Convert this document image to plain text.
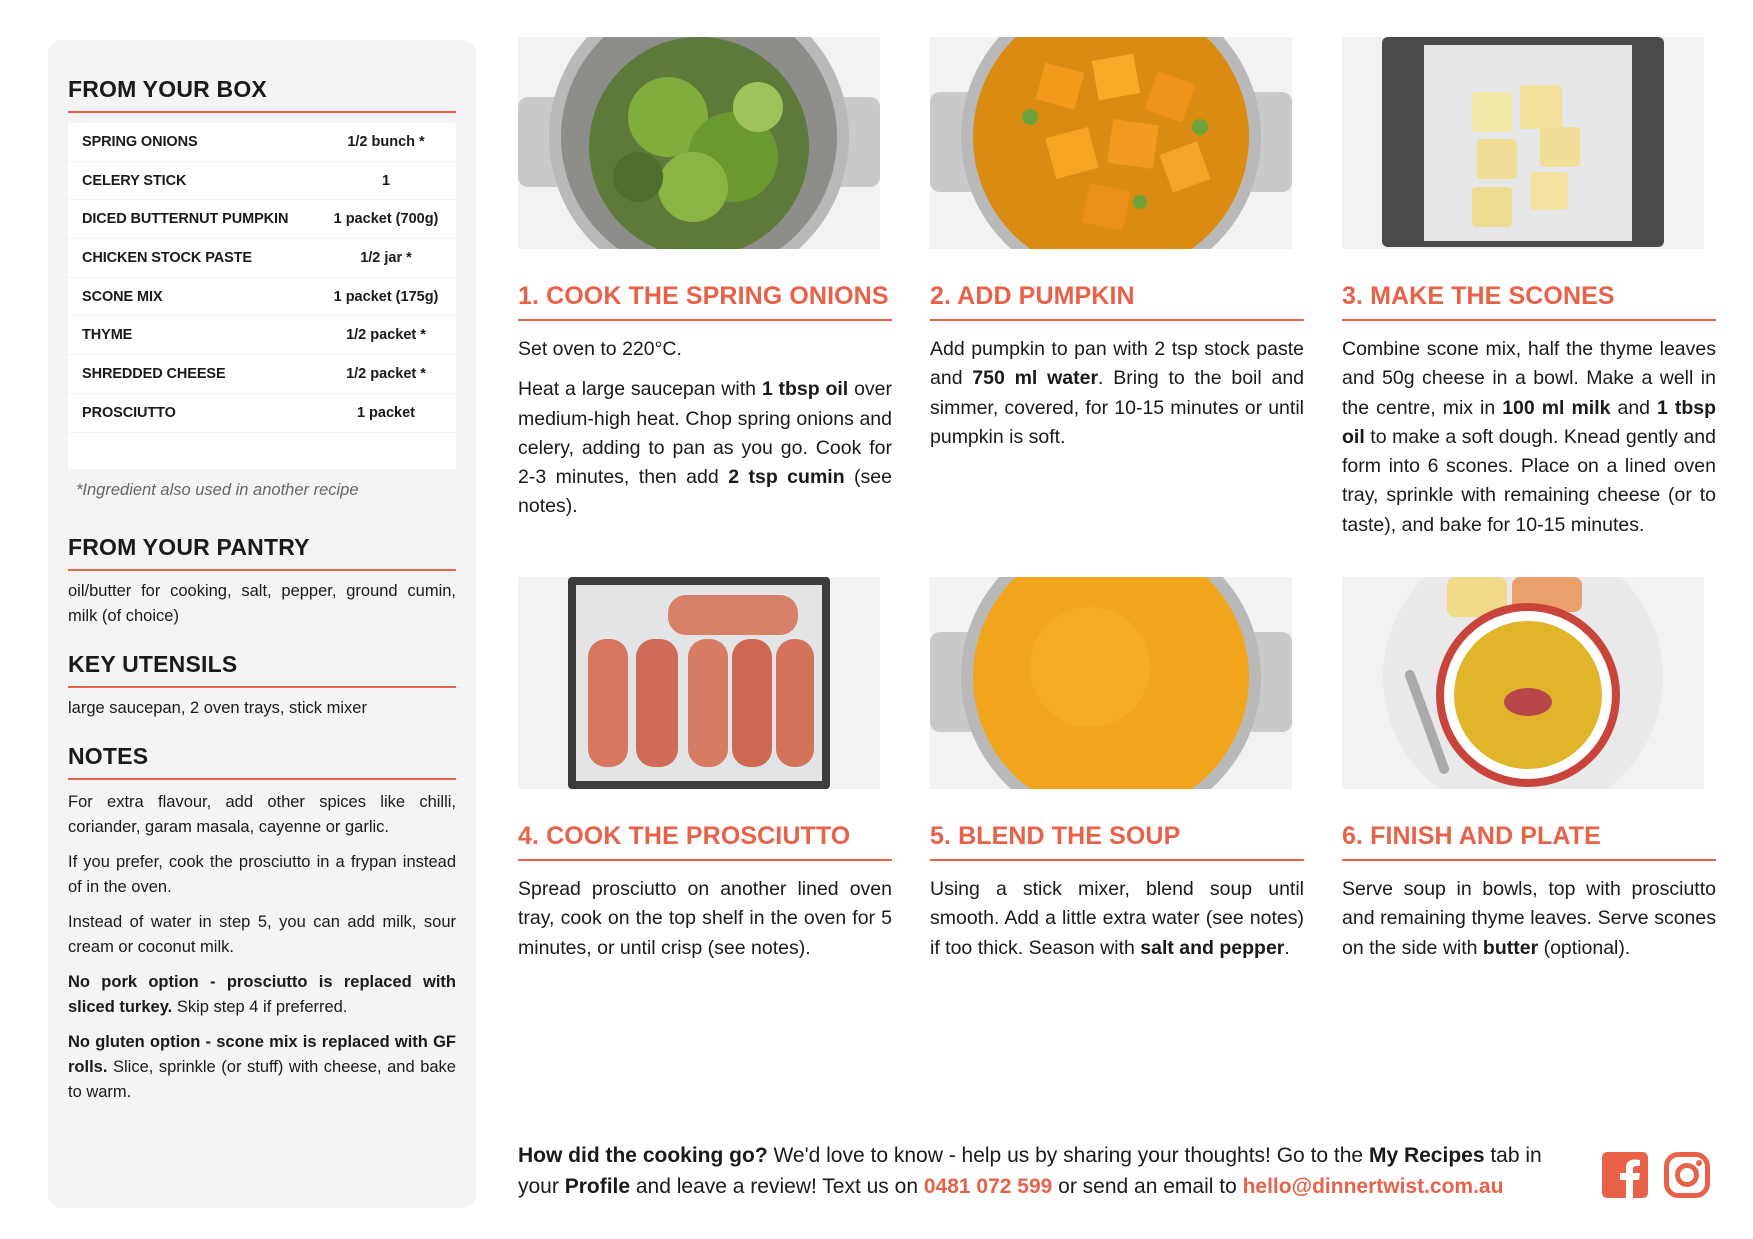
FROM YOUR BOX
SPRING ONIONS	1/2 bunch *
CELERY STICK	1
DICED BUTTERNUT PUMPKIN	1 packet (700g)
CHICKEN STOCK PASTE	1/2 jar *
SCONE MIX	1 packet (175g)
THYME	1/2 packet *
SHREDDED CHEESE	1/2 packet *
PROSCIUTTO	1 packet
*Ingredient also used in another recipe
FROM YOUR PANTRY
oil/butter for cooking, salt, pepper, ground cumin, milk (of choice)
KEY UTENSILS
large saucepan, 2 oven trays, stick mixer
NOTES

For extra flavour, add other spices like chilli, coriander, garam masala, cayenne or garlic.

If you prefer, cook the prosciutto in a frypan instead of in the oven.

Instead of water in step 5, you can add milk, sour cream or coconut milk.

No pork option - prosciutto is replaced with sliced turkey. Skip step 4 if preferred.

No gluten option - scone mix is replaced with GF rolls. Slice, sprinkle (or stuff) with cheese, and bake to warm.

1. COOK THE SPRING ONIONS

Set oven to 220°C.

Heat a large saucepan with 1 tbsp oil over medium-high heat. Chop spring onions and celery, adding to pan as you go. Cook for 2-3 minutes, then add 2 tsp cumin (see notes).

2. ADD PUMPKIN

Add pumpkin to pan with 2 tsp stock paste and 750 ml water. Bring to the boil and simmer, covered, for 10-15 minutes or until pumpkin is soft.

3. MAKE THE SCONES

Combine scone mix, half the thyme leaves and 50g cheese in a bowl. Make a well in the centre, mix in 100 ml milk and 1 tbsp oil to make a soft dough. Knead gently and form into 6 scones. Place on a lined oven tray, sprinkle with remaining cheese (or to taste), and bake for 10-15 minutes.

4. COOK THE PROSCIUTTO

Spread prosciutto on another lined oven tray, cook on the top shelf in the oven for 5 minutes, or until crisp (see notes).

5. BLEND THE SOUP

Using a stick mixer, blend soup until smooth. Add a little extra water (see notes) if too thick. Season with salt and pepper.

6. FINISH AND PLATE

Serve soup in bowls, top with prosciutto and remaining thyme leaves. Serve scones on the side with butter (optional).

How did the cooking go? We'd love to know - help us by sharing your thoughts! Go to the My Recipes tab in your Profile and leave a review! Text us on 0481 072 599 or send an email to hello@dinnertwist.com.au
